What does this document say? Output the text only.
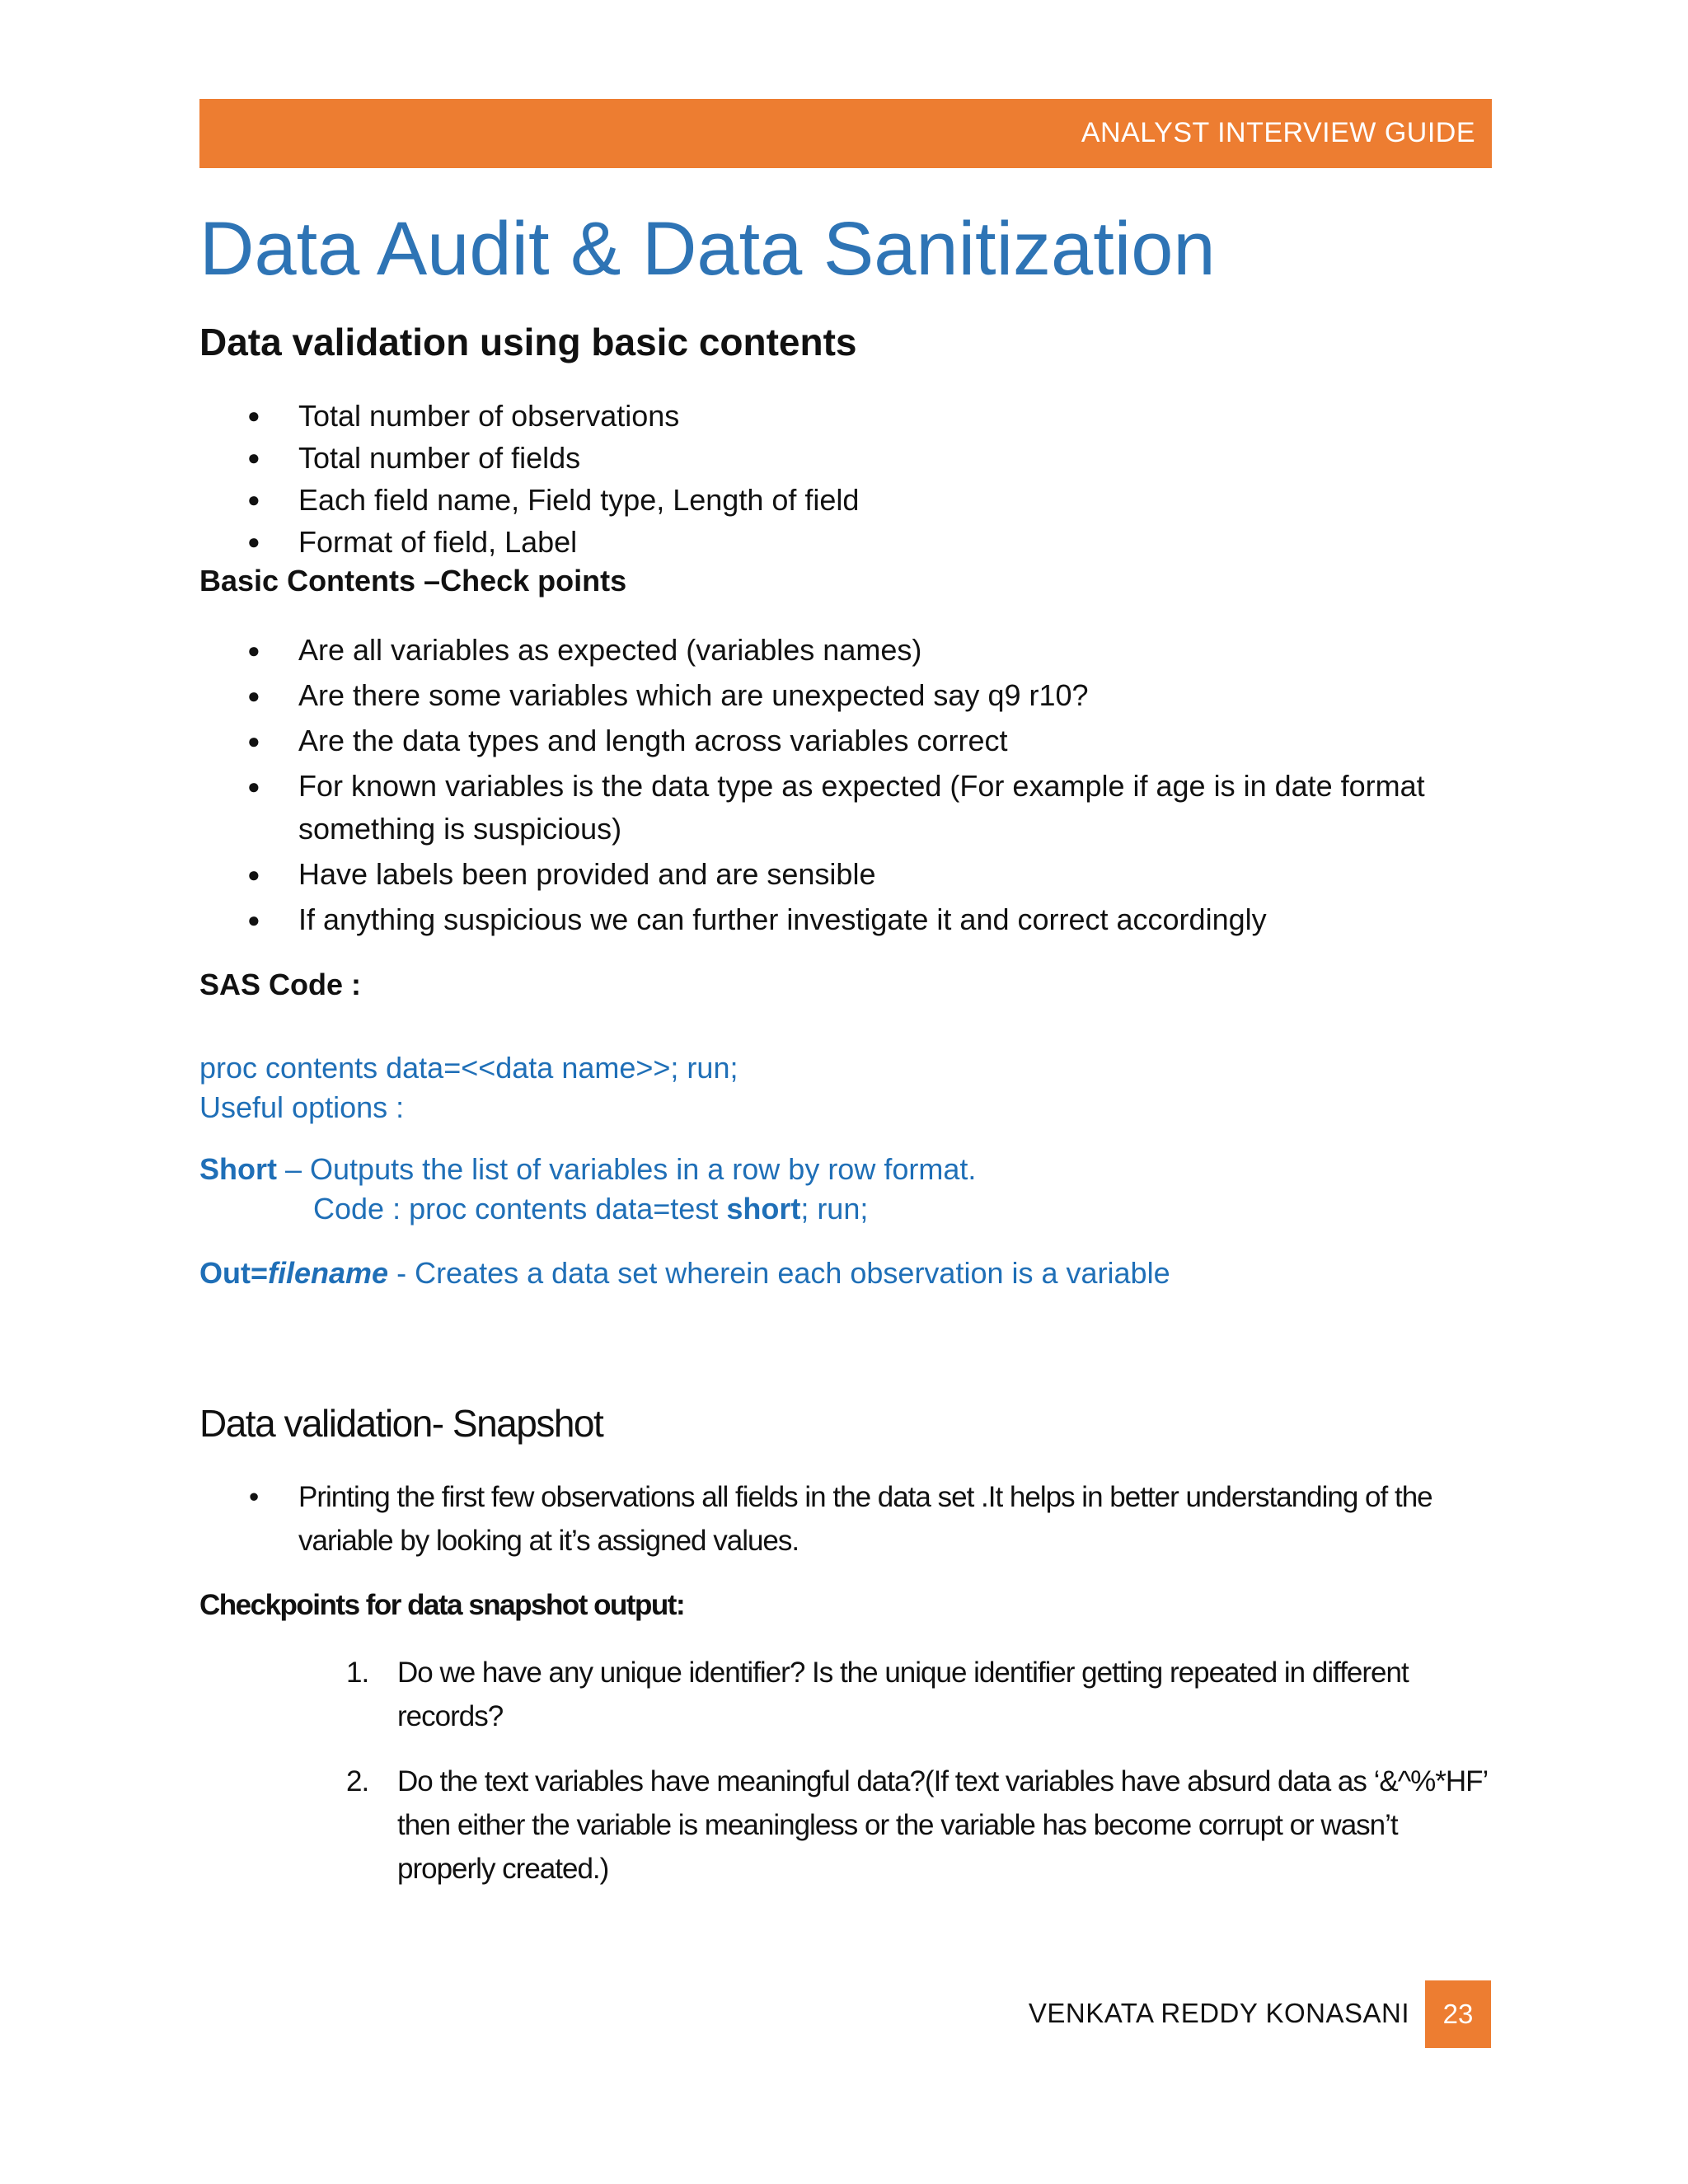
ANALYST INTERVIEW GUIDE
Data Audit & Data Sanitization
Data validation using basic contents
● Total number of observations
● Total number of fields
● Each field name, Field type, Length of field
● Format of field, Label
Basic Contents –Check points
● Are all variables as expected (variables names)
● Are there some variables which are unexpected say q9 r10?
● Are the data types and length across variables correct
● For known variables is the data type as expected (For example if age is in date format something is suspicious)
● Have labels been provided and are sensible
● If anything suspicious we can further investigate it and correct accordingly
SAS Code :
proc contents data=<<data name>>; run;
Useful options :
Short – Outputs the list of variables in a row by row format.
Code : proc contents data=test short; run;
Out=filename - Creates a data set wherein each observation is a variable
Data validation- Snapshot
• Printing the first few observations all fields in the data set .It helps in better understanding of the variable by looking at it’s assigned values.
Checkpoints for data snapshot output:
1. Do we have any unique identifier? Is the unique identifier getting repeated in different records?
2. Do the text variables have meaningful data?(If text variables have absurd data as ‘&^%*HF’ then either the variable is meaningless or the variable has become corrupt or wasn’t properly created.)
VENKATA REDDY KONASANI	23
